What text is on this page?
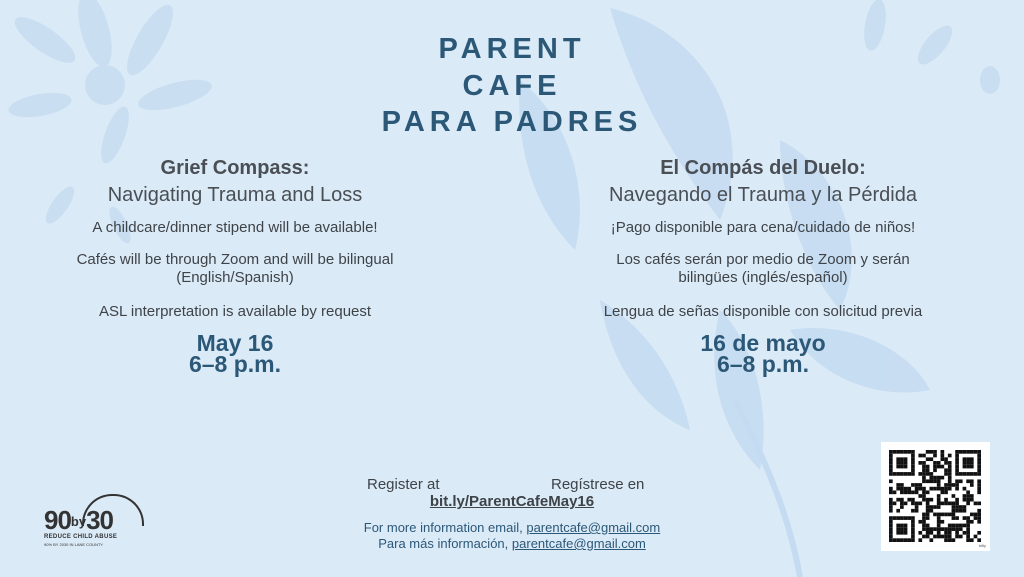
PARENT
CAFE
PARA PADRES
Grief Compass:
Navigating Trauma and Loss
A childcare/dinner stipend will be available!
Cafés will be through Zoom and will be bilingual
(English/Spanish)
ASL interpretation is available by request
May 16
6–8 p.m.
El Compás del Duelo:
Navegando el Trauma y la Pérdida
¡Pago disponible para cena/cuidado de niños!
Los cafés serán por medio de Zoom y serán
bilingües (inglés/español)
Lengua de señas disponible con solicitud previa
16 de mayo
6–8 p.m.
Register at	Regístrese en
bit.ly/ParentCafeMay16
For more information email, parentcafe@gmail.com
Para más información, parentcafe@gmail.com
90by30
REDUCE CHILD ABUSE
90% BY 2030 IN LANE COUNTY	bitly
